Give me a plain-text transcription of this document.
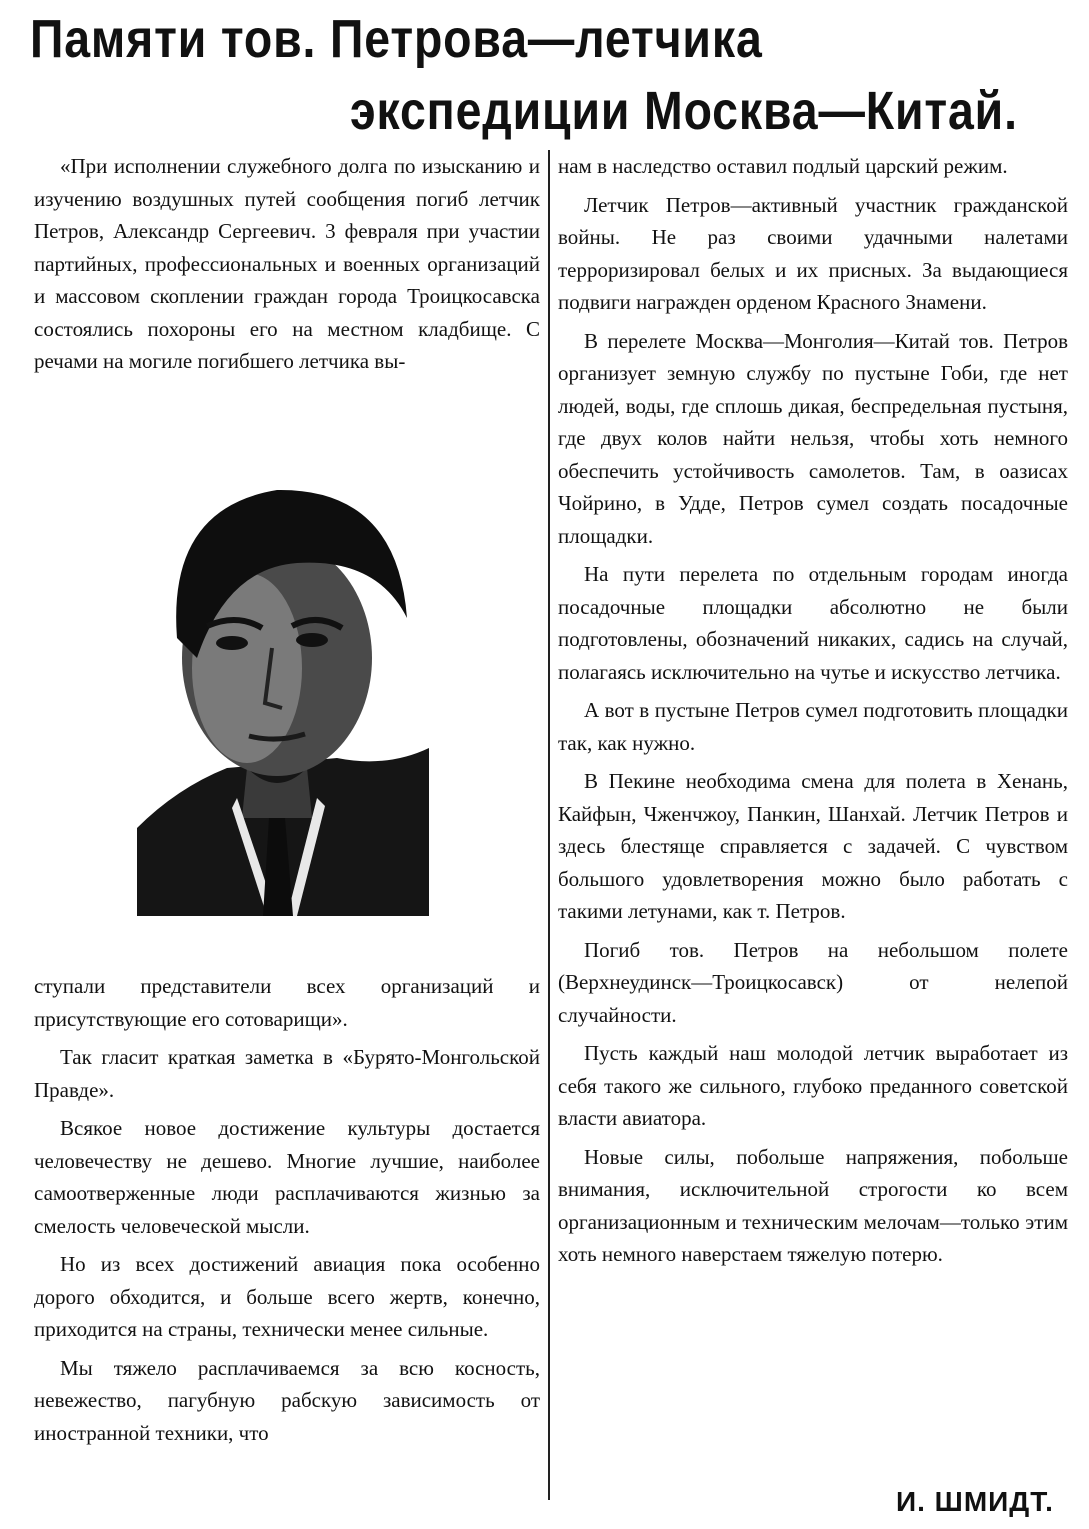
Памяти тов. Петрова—летчика
экспедиции Москва—Китай.

«При исполнении служебного долга по изысканию и изучению воздушных путей сообщения погиб летчик Петров, Александр Сергеевич. 3 февраля при участии партийных, профессиональных и военных организаций и массовом скоплении граждан города Троицкосавска состоялись похороны его на местном кладбище. С речами на могиле погибшего летчика вы-

ступали представители всех организаций и присутствующие его сотоварищи».

Так гласит краткая заметка в «Бурято-Монгольской Правде».

Всякое новое достижение культуры достается человечеству не дешево. Многие лучшие, наиболее самоотверженные люди расплачиваются жизнью за смелость человеческой мысли.

Но из всех достижений авиация пока особенно дорого обходится, и больше всего жертв, конечно, приходится на страны, технически менее сильные.

Мы тяжело расплачиваемся за всю косность, невежество, пагубную рабскую зависимость от иностранной техники, что

нам в наследство оставил подлый царский режим.

Летчик Петров—активный участник гражданской войны. Не раз своими удачными налетами терроризировал белых и их присных. За выдающиеся подвиги награжден орденом Красного Знамени.

В перелете Москва—Монголия—Китай тов. Петров организует земную службу по пустыне Гоби, где нет людей, воды, где сплошь дикая, беспредельная пустыня, где двух колов найти нельзя, чтобы хоть немного обеспечить устойчивость самолетов. Там, в оазисах Чойрино, в Удде, Петров сумел создать посадочные площадки.

На пути перелета по отдельным городам иногда посадочные площадки абсолютно не были подготовлены, обозначений никаких, садись на случай, полагаясь исключительно на чутье и искусство летчика.

А вот в пустыне Петров сумел подготовить площадки так, как нужно.

В Пекине необходима смена для полета в Хенань, Кайфын, Чженчжоу, Панкин, Шанхай. Летчик Петров и здесь блестяще справляется с задачей. С чувством большого удовлетворения можно было работать с такими летунами, как т. Петров.

Погиб тов. Петров на небольшом полете (Верхнеудинск—Троицкосавск) от нелепой случайности.

Пусть каждый наш молодой летчик выработает из себя такого же сильного, глубоко преданного советской власти авиатора.

Новые силы, побольше напряжения, побольше внимания, исключительной строгости ко всем организационным и техническим мелочам—только этим хоть немного наверстаем тяжелую потерю.

И. ШМИДТ.
